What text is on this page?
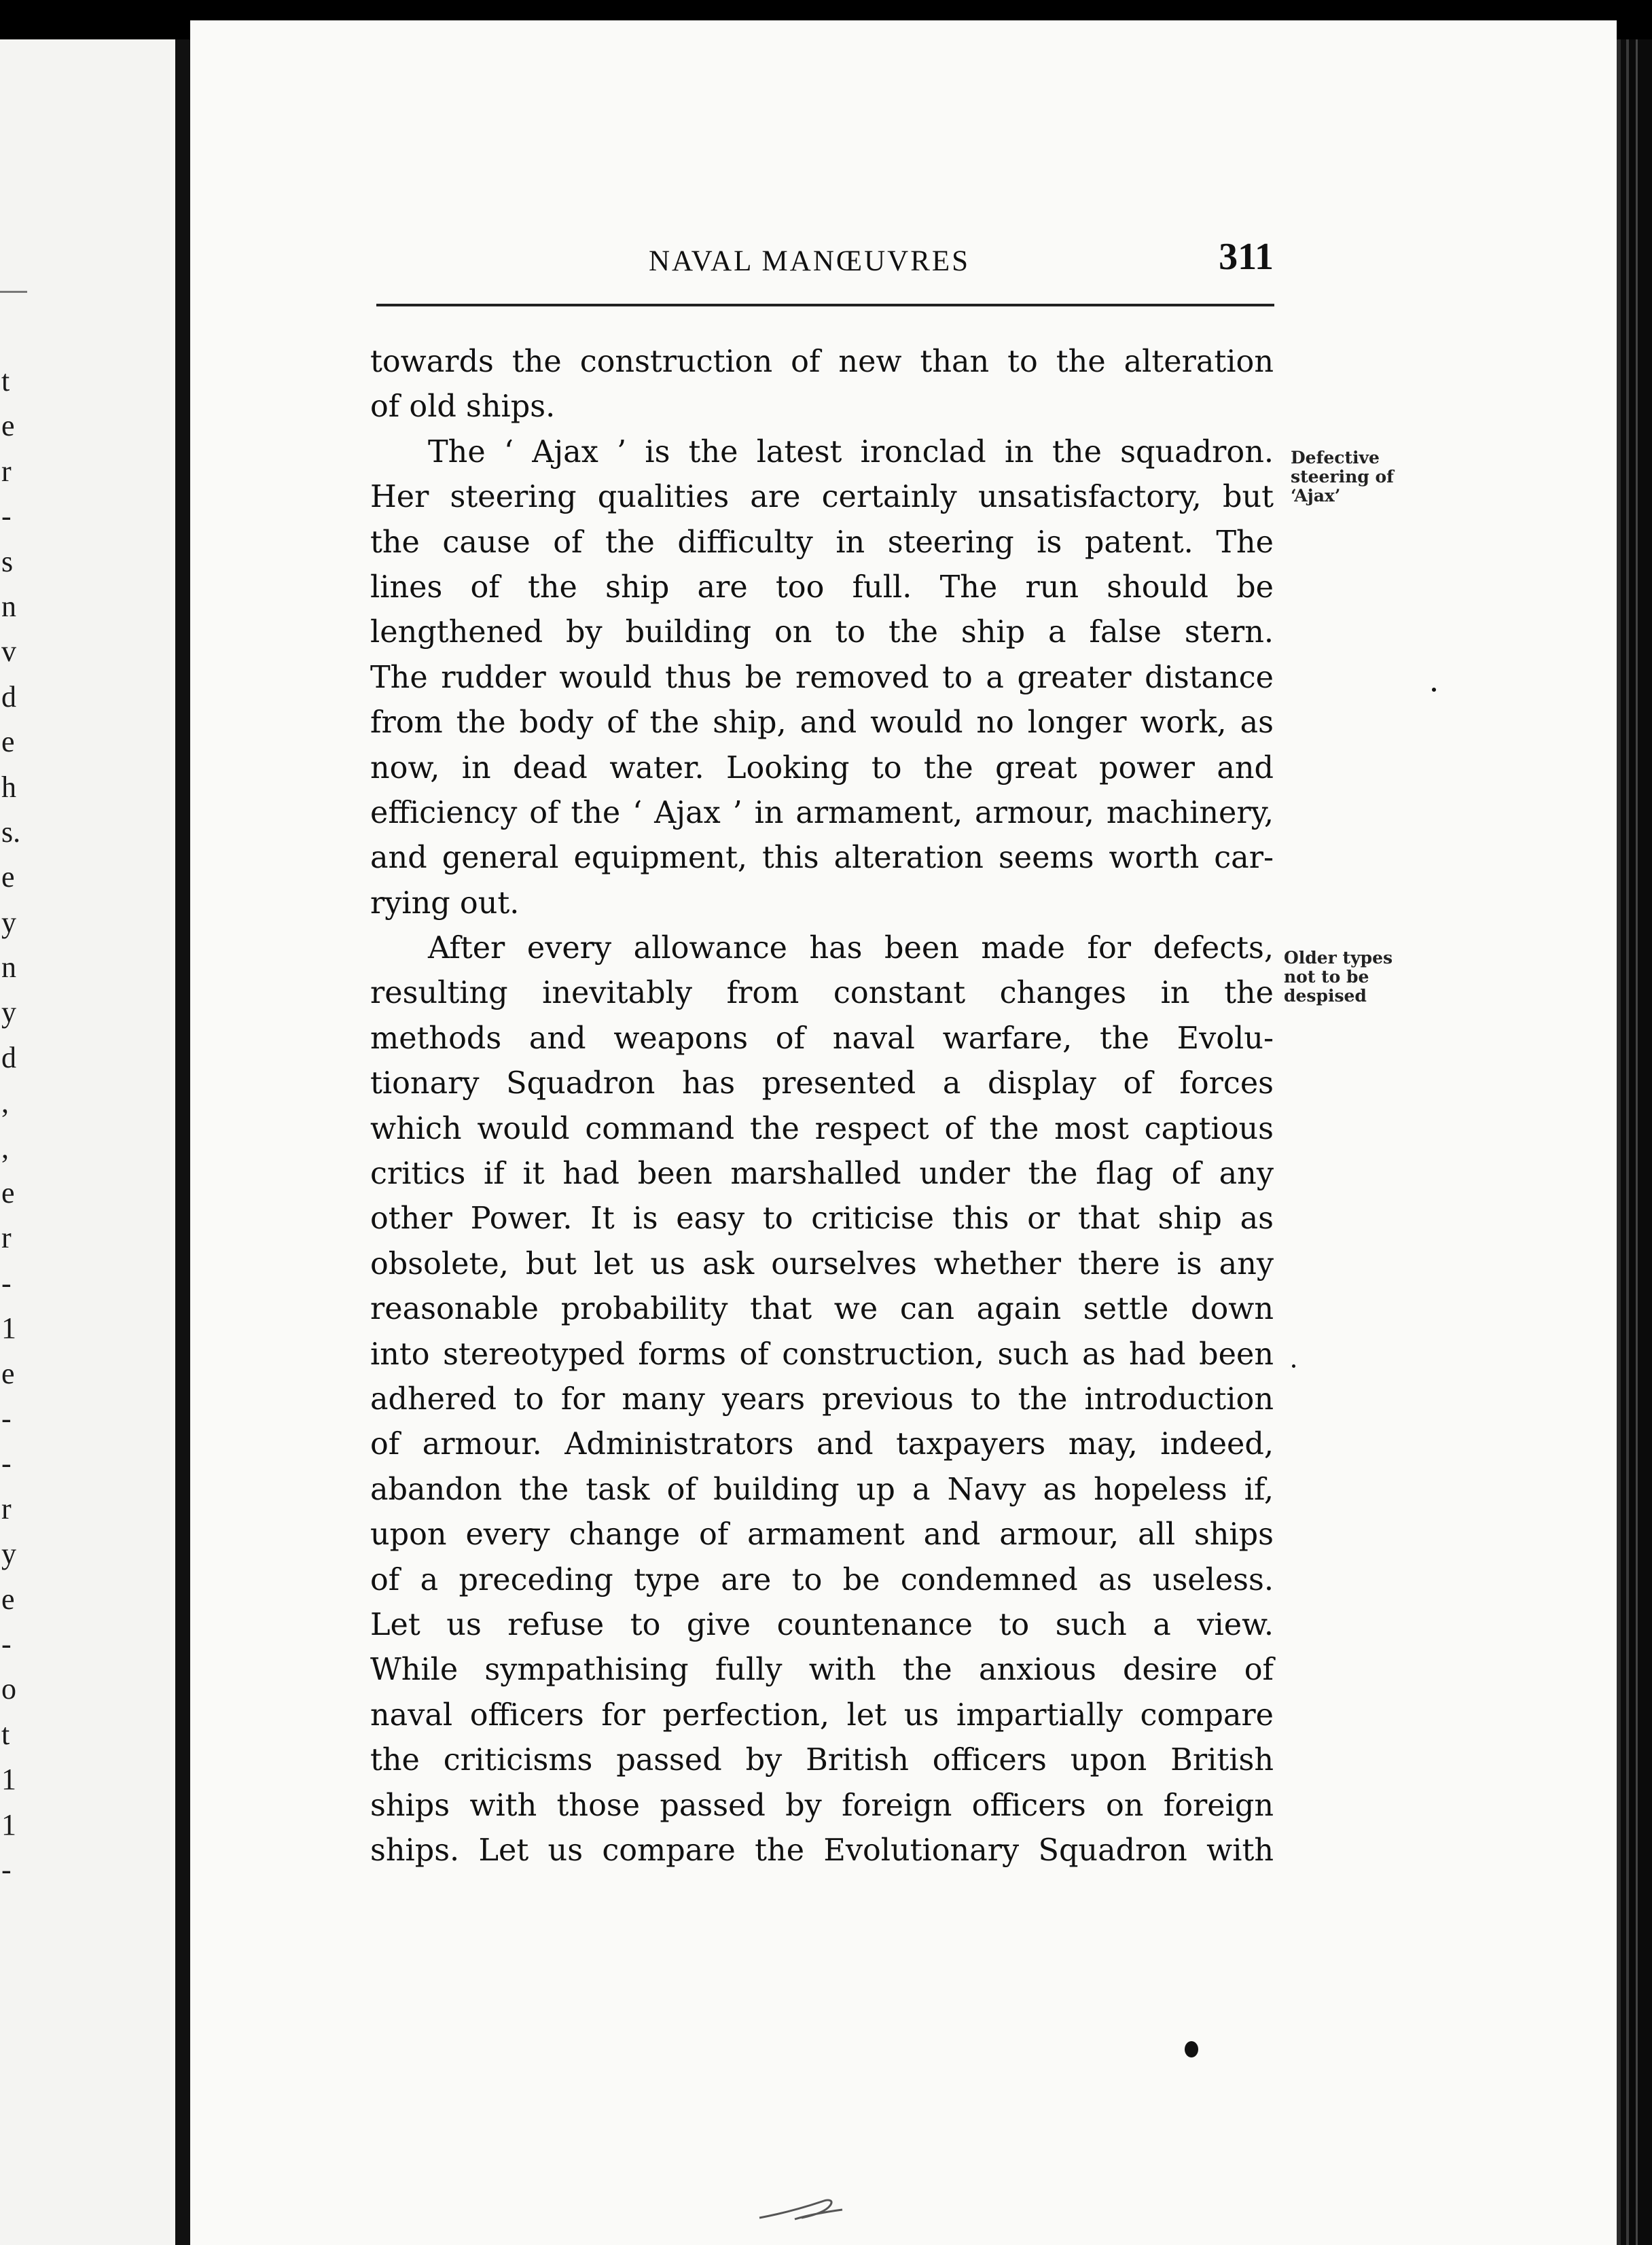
t
e
r
-
s
n
v
d
e
h
s.
e
y
n
y
d
,
,
e
r
-
1
e
-
-
r
y
e
-
o
t
1
1
-
NAVAL MANŒUVRES	311
towards the construction of new than to the alteration
of old ships.
The ‘ Ajax ’ is the latest ironclad in the squadron.
Her steering qualities are certainly unsatisfactory, but
the cause of the difficulty in steering is patent. The
lines of the ship are too full. The run should be
lengthened by building on to the ship a false stern.
The rudder would thus be removed to a greater distance
from the body of the ship, and would no longer work, as
now, in dead water. Looking to the great power and
efficiency of the ‘ Ajax ’ in armament, armour, machinery,
and general equipment, this alteration seems worth car-
rying out.
After every allowance has been made for defects,
resulting inevitably from constant changes in the
methods and weapons of naval warfare, the Evolu-
tionary Squadron has presented a display of forces
which would command the respect of the most captious
critics if it had been marshalled under the flag of any
other Power. It is easy to criticise this or that ship as
obsolete, but let us ask ourselves whether there is any
reasonable probability that we can again settle down
into stereotyped forms of construction, such as had been
adhered to for many years previous to the introduction
of armour. Administrators and taxpayers may, indeed,
abandon the task of building up a Navy as hopeless if,
upon every change of armament and armour, all ships
of a preceding type are to be condemned as useless.
Let us refuse to give countenance to such a view.
While sympathising fully with the anxious desire of
naval officers for perfection, let us impartially compare
the criticisms passed by British officers upon British
ships with those passed by foreign officers on foreign
ships. Let us compare the Evolutionary Squadron with
Defective
steering of
‘Ajax’
Older types
not to be
despised
